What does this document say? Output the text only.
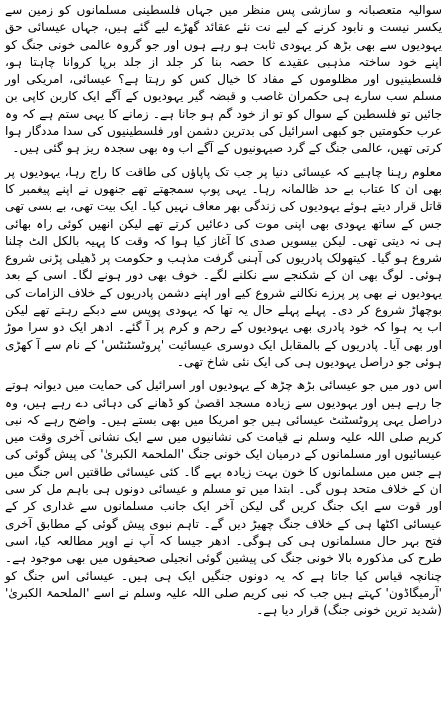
سوالیہ متعصبانہ و سازشی پس منظر میں جہاں فلسطینی مسلمانوں کو زمین سے یکسر نیست و نابود کرنے کے لیے نت نئے عقائد گھڑے لیے گئے ہیں، جہاں عیسائی حق یہودیوں سے بھی بڑھ کر یہودی ثابت ہو رہے ہوں اور جو گروہ عالمی خونی جنگ کو اپنے خود ساختہ مذہبی عقیدے کا حصہ بنا کر جلد از جلد برپا کروانا چاہتا ہو، فلسطینیوں اور مظلوموں کے مفاد کا خیال کس کو رہتا ہے؟ عیسائی، امریکی اور مسلم سب سارے ہی حکمران غاصب و قبضہ گیر یہودیوں کے آگے ایک کاربن کاپی بن جائیں تو فلسطین کے سوال کو تو از خود گم ہو جانا ہے۔ زمانے کا یہی ستم ہے کہ وہ عرب حکومتیں جو کبھی اسرائیل کی بدترین دشمن اور فلسطینیوں کی سدا مددگار ہوا کرتی تھیں، عالمی جنگ کے گرد صیہونیوں کے آگے اب وہ بھی سجدہ ریز ہو گئی ہیں۔

معلوم رہنا چاہیے کہ عیسائی دنیا پر جب تک پاپاؤں کی طاقت کا راج رہا، یہودیوں پر بھی ان کا عتاب بے حد ظالمانہ رہا۔ یہی پوپ سمجھتے تھے جنھوں نے اپنے پیغمبر کا قاتل قرار دیتے ہوئے یہودیوں کی زندگی بھر معاف نہیں کیا۔ ایک بیت تھی، بے بسی تھی جس کے ساتھ یہودی بھی اپنی موت کی دعائیں کرتے تھے لیکن انھیں کوئی راہ بھائی ہی نہ دیتی تھی۔ لیکن بیسویں صدی کا آغاز کیا ہوا کہ وقت کا پہیہ بالکل الٹ چلنا شروع ہو گیا۔ کیتھولک پادریوں کی آہنی گرفت مذہب و حکومت پر ڈھیلی پڑنی شروع ہوئی۔ لوگ بھی ان کے شکنجے سے نکلنے لگے۔ خوف بھی دور ہونے لگا۔ اسی کے بعد یہودیوں نے بھی پر پرزے نکالنے شروع کیے اور اپنے دشمن پادریوں کے خلاف الزامات کی بوچھاڑ شروع کر دی۔ پہلے پہلے حال یہ تھا کہ یہودی پوپس سے دبکے رہتے تھے لیکن اب یہ ہوا کہ خود پادری بھی یہودیوں کے رحم و کرم پر آ گئے۔ ادھر ایک دو سرا موڑ اور بھی آیا۔ پادریوں کے بالمقابل ایک دوسری عیسائیت 'پروٹسٹنٹس' کے نام سے آ کھڑی ہوئی جو دراصل یہودیوں ہی کی ایک نئی شاخ تھی۔

اس دور میں جو عیسائی بڑھ چڑھ کے یہودیوں اور اسرائیل کی حمایت میں دیوانہ ہوتے جا رہے ہیں اور یہودیوں سے زیادہ مسجد اقصیٰ کو ڈھانے کی دہائی دے رہے ہیں، وہ دراصل یہی پروٹسٹنٹ عیسائی ہیں جو امریکا میں بھی بستے ہیں۔ واضح رہے کہ نبی کریم صلی اللہ علیہ وسلم نے قیامت کی نشانیوں میں سے ایک نشانی آخری وقت میں عیسائیوں اور مسلمانوں کے درمیان ایک خونی جنگ 'الملحمۃ الکبریٰ' کی پیش گوئی کی ہے جس میں مسلمانوں کا خون بہت زیادہ بہے گا۔ کئی عیسائی طاقتیں اس جنگ میں ان کے خلاف متحد ہوں گی۔ ابتدا میں تو مسلم و عیسائی دونوں ہی باہم مل کر سی اور قوت سے ایک جنگ کریں گی لیکن آخر ایک جانب مسلمانوں سے غداری کر کے عیسائی اکٹھا ہی کے خلاف جنگ چھیڑ دیں گے۔ تاہم نبوی پیش گوئی کے مطابق آخری فتح بہر حال مسلمانوں ہی کی ہوگی۔ ادھر جیسا کہ آپ نے اوپر مطالعہ کیا، اسی طرح کی مذکورہ بالا خونی جنگ کی پیشین گوئی انجیلی صحیفوں میں بھی موجود ہے۔ چنانچہ قیاس کیا جاتا ہے کہ یہ دونوں جنگیں ایک ہی ہیں۔ عیسائی اس جنگ کو 'آرمیگاڈون' کہتے ہیں جب کہ نبی کریم صلی اللہ علیہ وسلم نے اسے 'الملحمۃ الکبریٰ' (شدید ترین خونی جنگ) قرار دیا ہے۔
